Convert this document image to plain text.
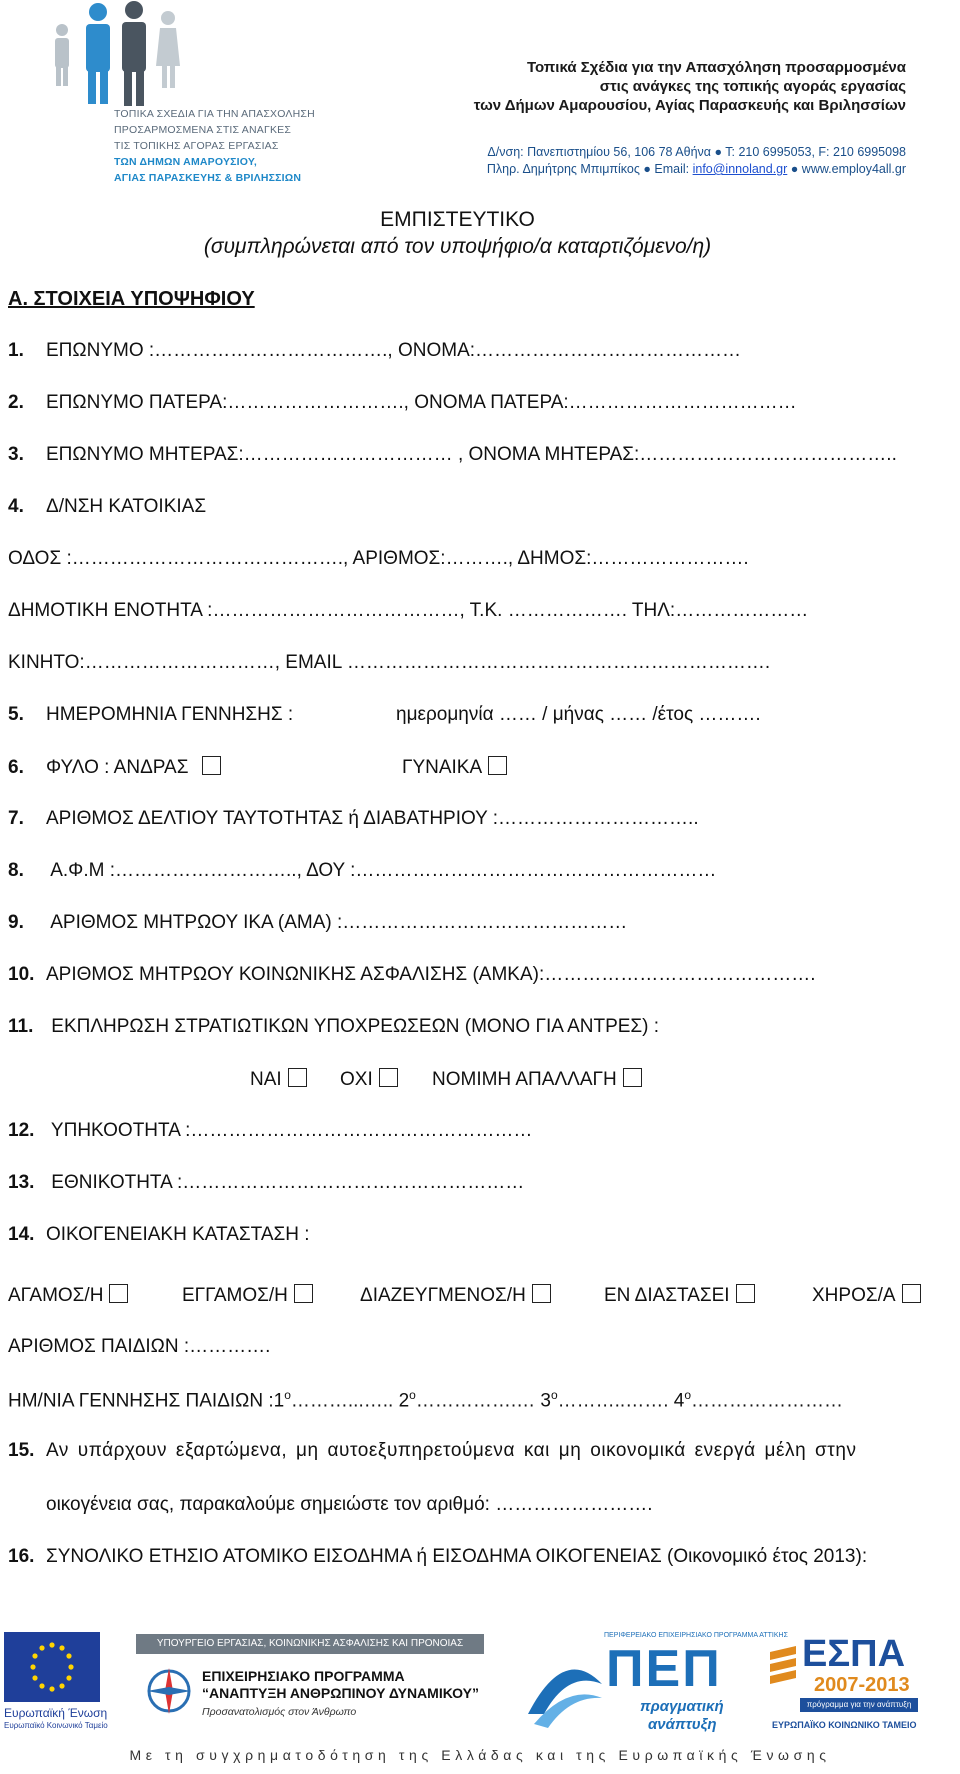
ΤΟΠΙΚΑ ΣΧΕΔΙΑ ΓΙΑ ΤΗΝ ΑΠΑΣΧΟΛΗΣΗ
ΠΡΟΣΑΡΜΟΣΜΕΝΑ ΣΤΙΣ ΑΝΑΓΚΕΣ
ΤΙΣ ΤΟΠΙΚΗΣ ΑΓΟΡΑΣ ΕΡΓΑΣΙΑΣ
ΤΩΝ ΔΗΜΩΝ ΑΜΑΡΟΥΣΙΟΥ,
ΑΓΙΑΣ ΠΑΡΑΣΚΕΥΗΣ & ΒΡΙΛΗΣΣΙΩΝ
Τοπικά Σχέδια για την Απασχόληση προσαρμοσμένα
στις ανάγκες της τοπικής αγοράς εργασίας
των Δήμων Αμαρουσίου, Αγίας Παρασκευής και Βριλησσίων
Δ/νση: Πανεπιστημίου 56, 106 78 Αθήνα ● Τ: 210 6995053, F: 210 6995098
Πληρ. Δημήτρης Μπιμπίκος ● Email: info@innoland.gr ● www.employ4all.gr
ΕΜΠΙΣΤΕΥΤΙΚΟ
(συμπληρώνεται από τον υποψήφιο/α καταρτιζόμενο/η)
Α. ΣΤΟΙΧΕΙΑ ΥΠΟΨΗΦΙΟΥ
1. ΕΠΩΝΥΜΟ :………………………………., ΟΝΟΜΑ:……………………………………
2. ΕΠΩΝΥΜΟ ΠΑΤΕΡΑ:………………………., ΟΝΟΜΑ ΠΑΤΕΡΑ:………………………………
3. ΕΠΩΝΥΜΟ ΜΗΤΕΡΑΣ:…………………………… , ΟΝΟΜΑ ΜΗΤΕΡΑΣ:…………………………………..
4. Δ/ΝΣΗ ΚΑΤΟΙΚΙΑΣ
ΟΔΟΣ :……………………………………., ΑΡΙΘΜΟΣ:………., ΔΗΜΟΣ:…………………….
ΔΗΜΟΤΙΚΗ ΕΝΟΤΗΤΑ :…………………………………, Τ.Κ. ………………. ΤΗΛ:…………………
ΚΙΝΗΤΟ:…………………………, EMAIL ………………………………………………………….
5. ΗΜΕΡΟΜΗΝΙΑ ΓΕΝΝΗΣΗΣ :	ημερομηνία …… / μήνας …… /έτος ……….
6. ΦΥΛΟ : ΑΝΔΡΑΣ	ΓΥΝΑΙΚΑ
7. ΑΡΙΘΜΟΣ ΔΕΛΤΙΟΥ ΤΑΥΤΟΤΗΤΑΣ ή ΔΙΑΒΑΤΗΡΙΟΥ :…………………………..
8. Α.Φ.Μ :……………………….., ΔΟΥ :…………………………………………………
9. ΑΡΙΘΜΟΣ ΜΗΤΡΩΟΥ ΙΚΑ (ΑΜΑ) :………………………………………
10. ΑΡΙΘΜΟΣ ΜΗΤΡΩΟΥ ΚΟΙΝΩΝΙΚΗΣ ΑΣΦΑΛΙΣΗΣ (ΑΜΚΑ):…………………………………….
11. ΕΚΠΛΗΡΩΣΗ ΣΤΡΑΤΙΩΤΙΚΩΝ ΥΠΟΧΡΕΩΣΕΩΝ (ΜΟΝΟ ΓΙΑ ΑΝΤΡΕΣ) :
ΝΑΙ	ΟΧΙ	ΝΟΜΙΜΗ ΑΠΑΛΛΑΓΗ
12. ΥΠΗΚΟΟΤΗΤΑ :………………………………………………
13. ΕΘΝΙΚΟΤΗΤΑ :………………………………………………
14. ΟΙΚΟΓΕΝΕΙΑΚΗ ΚΑΤΑΣΤΑΣΗ :
ΑΓΑΜΟΣ/Η	ΕΓΓΑΜΟΣ/Η	ΔΙΑΖΕΥΓΜΕΝΟΣ/Η	ΕΝ ΔΙΑΣΤΑΣΕΙ	ΧΗΡΟΣ/Α
ΑΡΙΘΜΟΣ ΠΑΙΔΙΩΝ :………….
ΗΜ/ΝΙΑ ΓΕΝΝΗΣΗΣ ΠΑΙΔΙΩΝ $:1^o\dots\dots\dots...\dots$.. $2^o\dots\dots\dots\dots\dots.\dots$ $3^o\dots\dots\dots..\dots\dots$. $4^o\dots\dots\dots\dots\dots\dots\dots\dots$
15. Αν υπάρχουν εξαρτώμενα, μη αυτοεξυπηρετούμενα και μη οικονομικά ενεργά μέλη στην
οικογένεια σας, παρακαλούμε σημειώστε τον αριθμό: …………………….
16. ΣΥΝΟΛΙΚΟ ΕΤΗΣΙΟ ΑΤΟΜΙΚΟ ΕΙΣΟΔΗΜΑ ή ΕΙΣΟΔΗΜΑ ΟΙΚΟΓΕΝΕΙΑΣ (Οικονομικό έτος 2013):
Ευρωπαϊκή Ένωση
Ευρωπαϊκό Κοινωνικό Ταμείο
ΥΠΟΥΡΓΕΙΟ ΕΡΓΑΣΙΑΣ, ΚΟΙΝΩΝΙΚΗΣ ΑΣΦΑΛΙΣΗΣ ΚΑΙ ΠΡΟΝΟΙΑΣ
ΕΠΙΧΕΙΡΗΣΙΑΚΟ ΠΡΟΓΡΑΜΜΑ
“ΑΝΑΠΤΥΞΗ ΑΝΘΡΩΠΙΝΟΥ ΔΥΝΑΜΙΚΟΥ”
Προσανατολισμός στον Άνθρωπο
ΠΕΡΙΦΕΡΕΙΑΚΟ ΕΠΙΧΕΙΡΗΣΙΑΚΟ ΠΡΟΓΡΑΜΜΑ ΑΤΤΙΚΗΣ
ΠΕΠ
πραγματική
ανάπτυξη
ΕΣΠΑ
2007-2013
πρόγραμμα για την ανάπτυξη
ΕΥΡΩΠΑΪΚΟ ΚΟΙΝΩΝΙΚΟ ΤΑΜΕΙΟ
Με τη συγχρηματοδότηση της Ελλάδας και της Ευρωπαϊκής Ένωσης
